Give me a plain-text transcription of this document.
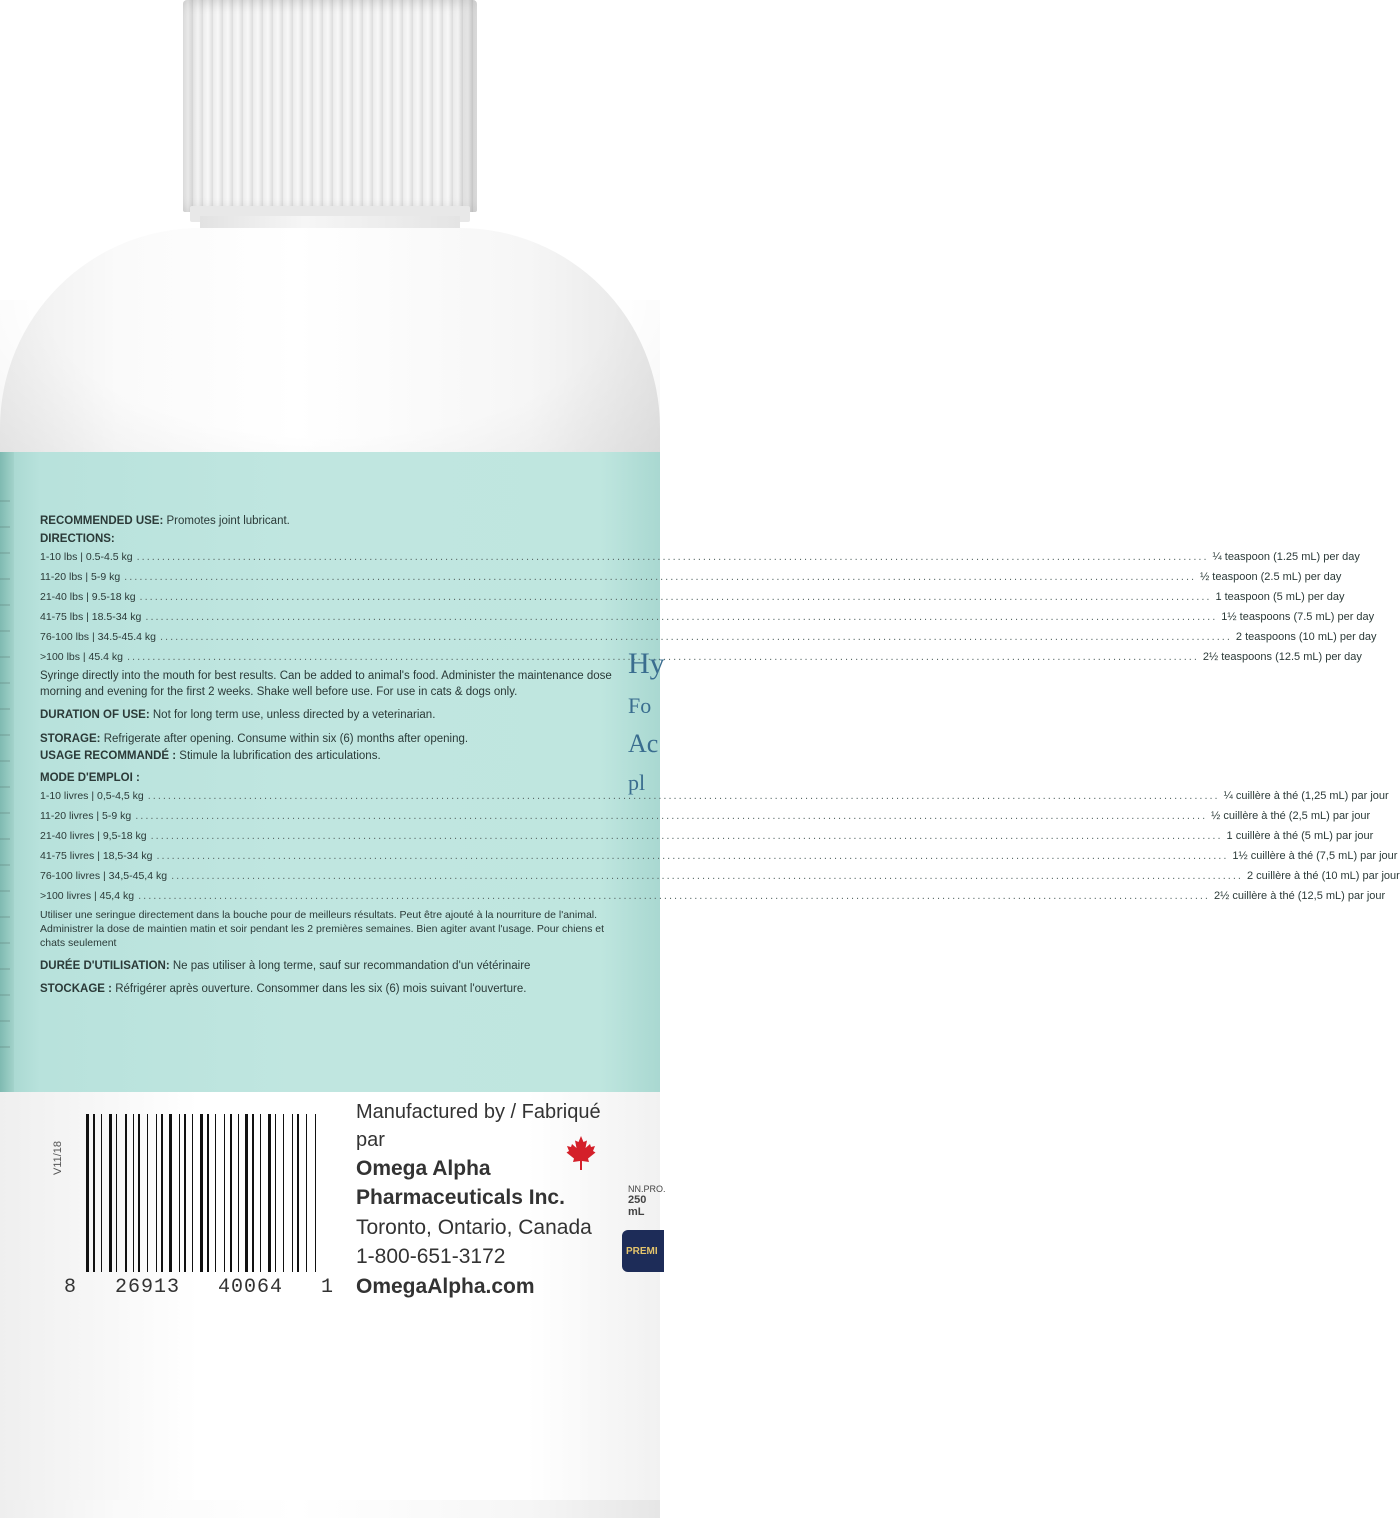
RECOMMENDED USE: Promotes joint lubricant.
DIRECTIONS:
1-10 lbs | 0.5-4.5 kg .....	¼ teaspoon (1.25 mL) per day
11-20 lbs | 5-9 kg .....	½ teaspoon (2.5 mL) per day
21-40 lbs | 9.5-18 kg .....	1 teaspoon (5 mL) per day
41-75 lbs | 18.5-34 kg .....	1½ teaspoons (7.5 mL) per day
76-100 lbs | 34.5-45.4 kg .....	2 teaspoons (10 mL) per day
>100 lbs | 45.4 kg .....	2½ teaspoons (12.5 mL) per day
Syringe directly into the mouth for best results. Can be added to animal's food. Administer the maintenance dose morning and evening for the first 2 weeks. Shake well before use. For use in cats & dogs only.
DURATION OF USE: Not for long term use, unless directed by a veterinarian.
STORAGE: Refrigerate after opening. Consume within six (6) months after opening.
USAGE RECOMMANDÉ : Stimule la lubrification des articulations.
MODE D'EMPLOI :
1-10 livres | 0,5-4,5 kg .....	¼ cuillère à thé (1,25 mL) par jour
11-20 livres | 5-9 kg .....	½ cuillère à thé (2,5 mL) par jour
21-40 livres | 9,5-18 kg .....	1 cuillère à thé (5 mL) par jour
41-75 livres | 18,5-34 kg .....	1½ cuillère à thé (7,5 mL) par jour
76-100 livres | 34,5-45,4 kg .....	2 cuillère à thé (10 mL) par jour
>100 livres | 45,4 kg .....	2½ cuillère à thé (12,5 mL) par jour
Utiliser une seringue directement dans la bouche pour de meilleurs résultats. Peut être ajouté à la nourriture de l'animal. Administrer la dose de maintien matin et soir pendant les 2 premières semaines. Bien agiter avant l'usage. Pour chiens et chats seulement
DURÉE D'UTILISATION: Ne pas utiliser à long terme, sauf sur recommandation d'un vétérinaire
STOCKAGE : Réfrigérer après ouverture. Consommer dans les six (6) mois suivant l'ouverture.
Hy
Fo
Ac
pl
8 26913 40064 1
V11/18
Manufactured by / Fabriqué par
Omega Alpha
Pharmaceuticals Inc.
Toronto, Ontario, Canada
1-800-651-3172
OmegaAlpha.com
NN.PRO.
250 mL
PREMI
